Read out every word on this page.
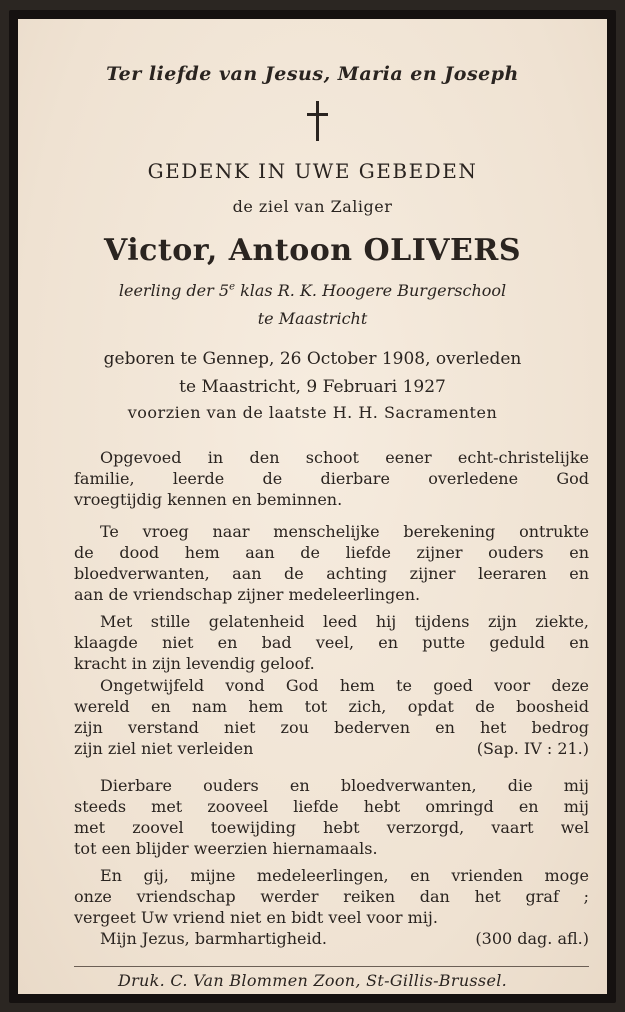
Ter liefde van Jesus, Maria en Joseph
GEDENK IN UWE GEBEDEN
de ziel van Zaliger
Victor, Antoon OLIVERS
leerling der 5e klas R. K. Hoogere Burgerschool
te Maastricht
geboren te Gennep, 26 October 1908, overleden
te Maastricht, 9 Februari 1927
voorzien van de laatste H. H. Sacramenten
Opgevoed in den schoot eener echt-christelijke
familie, leerde de dierbare overledene God
vroegtijdig kennen en beminnen.
Te vroeg naar menschelijke berekening ontrukte
de dood hem aan de liefde zijner ouders en
bloedverwanten, aan de achting zijner leeraren en
aan de vriendschap zijner medeleerlingen.
Met stille gelatenheid leed hij tijdens zijn ziekte,
klaagde niet en bad veel, en putte geduld en
kracht in zijn levendig geloof.
Ongetwijfeld vond God hem te goed voor deze
wereld en nam hem tot zich, opdat de boosheid
zijn verstand niet zou bederven en het bedrog
zijn ziel niet verleiden	(Sap. IV : 21.)
Dierbare ouders en bloedverwanten, die mij
steeds met zooveel liefde hebt omringd en mij
met zoovel toewijding hebt verzorgd, vaart wel
tot een blijder weerzien hiernamaals.
En gij, mijne medeleerlingen, en vrienden moge
onze vriendschap werder reiken dan het graf ;
vergeet Uw vriend niet en bidt veel voor mij.
Mijn Jezus, barmhartigheid.	(300 dag. afl.)
Druk. C. Van Blommen Zoon, St-Gillis-Brussel.
